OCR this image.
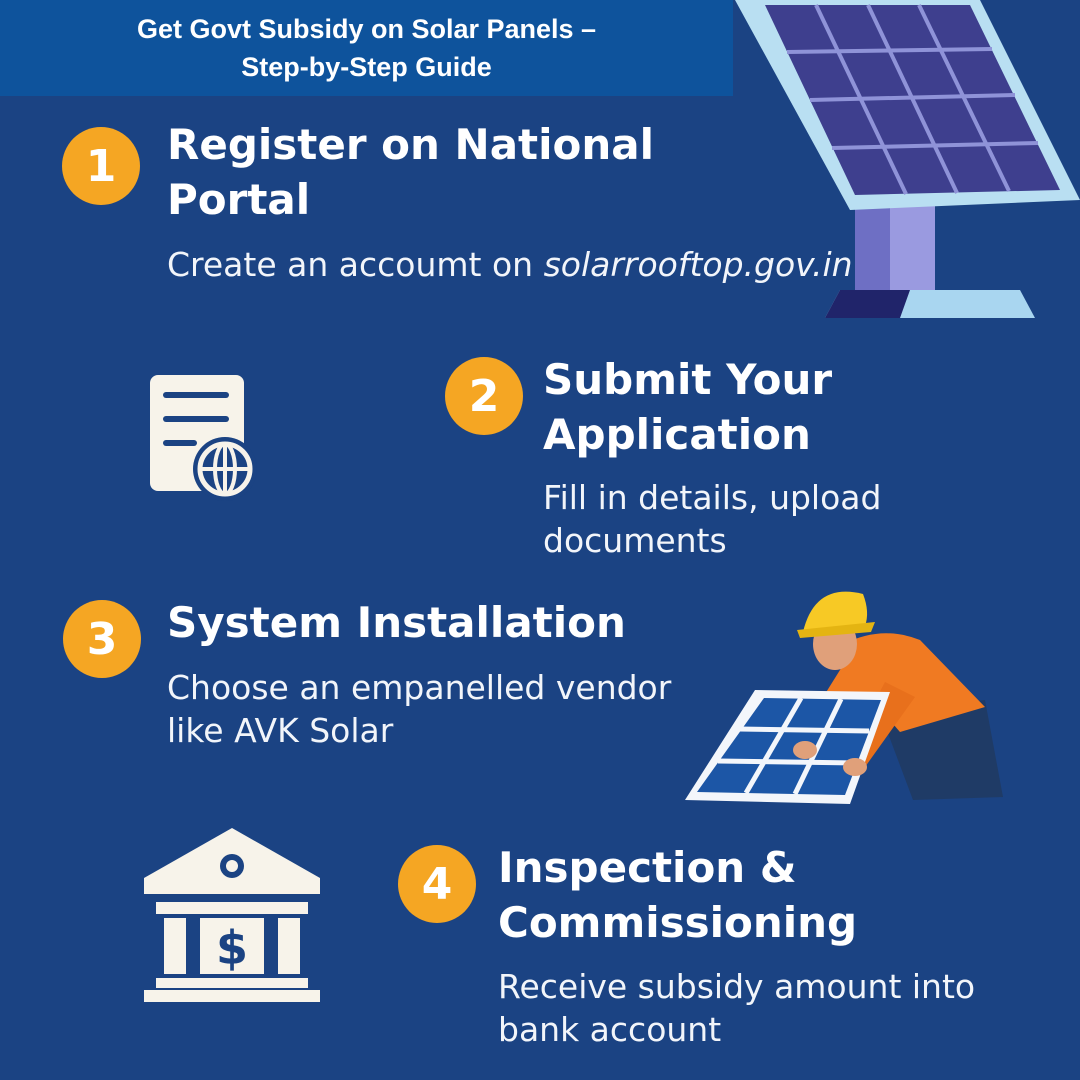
Get Govt Subsidy on Solar Panels –
Step-by-Step Guide
1	Register on National
Portal
Create an accoumt on solarrooftop.gov.in
2	Submit Your
Application
Fill in details, upload
documents
3	System Installation
Choose an empanelled vendor
like AVK Solar
$
4	Inspection &
Commissioning
Receive subsidy amount into
bank account
